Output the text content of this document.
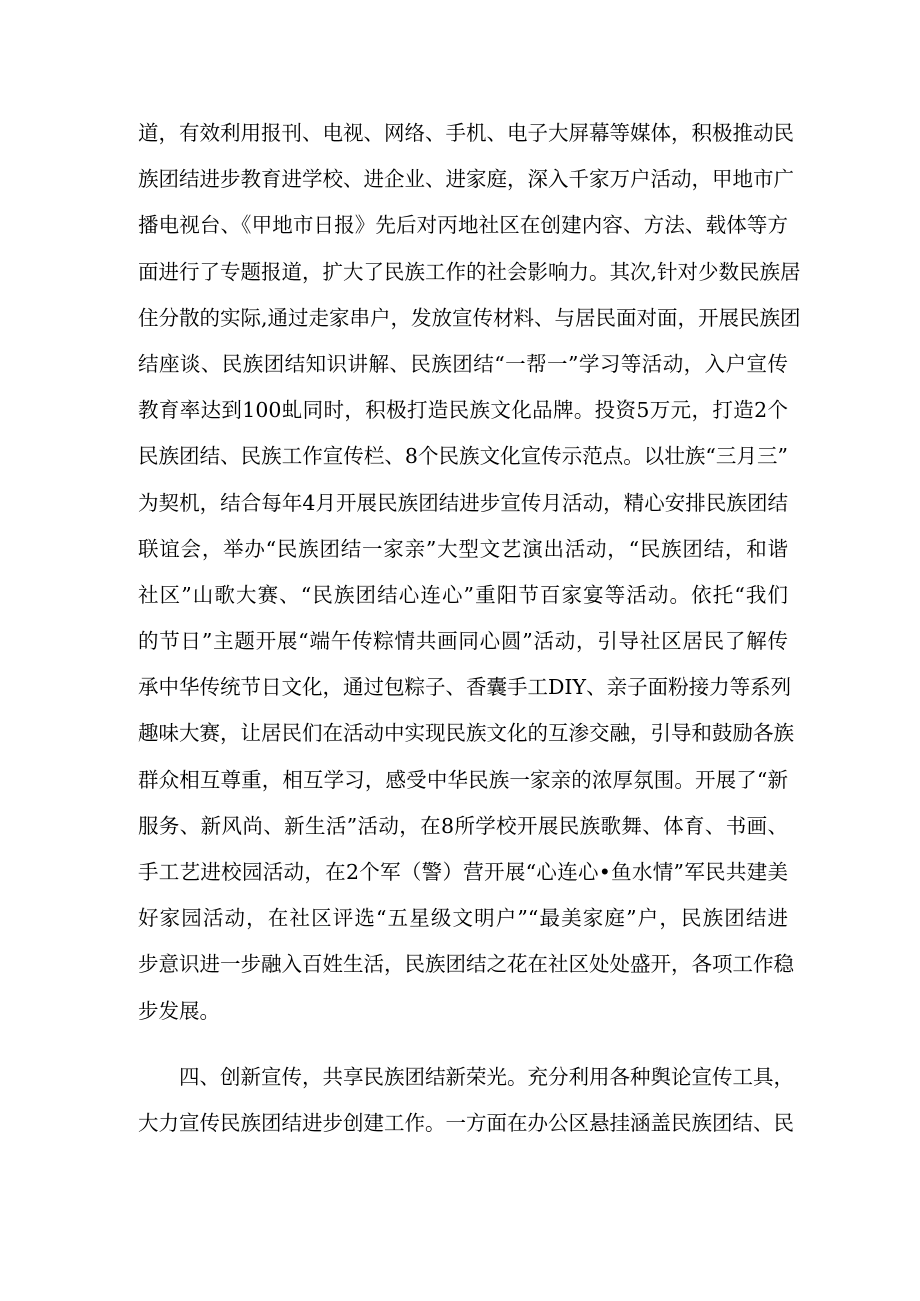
道，有效利用报刊、电视、网络、手机、电子大屏幕等媒体，积极推动民
族团结进步教育进学校、进企业、进家庭，深入千家万户活动，甲地市广
播电视台、《甲地市日报》先后对丙地社区在创建内容、方法、载体等方
面进行了专题报道，扩大了民族工作的社会影响力。其次,针对少数民族居
住分散的实际,通过走家串户，发放宣传材料、与居民面对面，开展民族团
结座谈、民族团结知识讲解、民族团结“一帮一”学习等活动，入户宣传
教育率达到100虬同时，积极打造民族文化品牌。投资5万元，打造2个
民族团结、民族工作宣传栏、8个民族文化宣传示范点。以壮族“三月三”
为契机，结合每年4月开展民族团结进步宣传月活动，精心安排民族团结
联谊会，举办“民族团结一家亲”大型文艺演出活动，“民族团结，和谐
社区”山歌大赛、“民族团结心连心”重阳节百家宴等活动。依托“我们
的节日”主题开展“端午传粽情共画同心圆”活动，引导社区居民了解传
承中华传统节日文化，通过包粽子、香囊手工DIY、亲子面粉接力等系列
趣味大赛，让居民们在活动中实现民族文化的互渗交融，引导和鼓励各族
群众相互尊重，相互学习，感受中华民族一家亲的浓厚氛围。开展了“新
服务、新风尚、新生活”活动，在8所学校开展民族歌舞、体育、书画、
手工艺进校园活动，在2个军（警）营开展“心连心•鱼水情”军民共建美
好家园活动，在社区评选“五星级文明户”“最美家庭”户，民族团结进
步意识进一步融入百姓生活，民族团结之花在社区处处盛开，各项工作稳
步发展。
四、创新宣传，共享民族团结新荣光。充分利用各种舆论宣传工具，
大力宣传民族团结进步创建工作。一方面在办公区悬挂涵盖民族团结、民
